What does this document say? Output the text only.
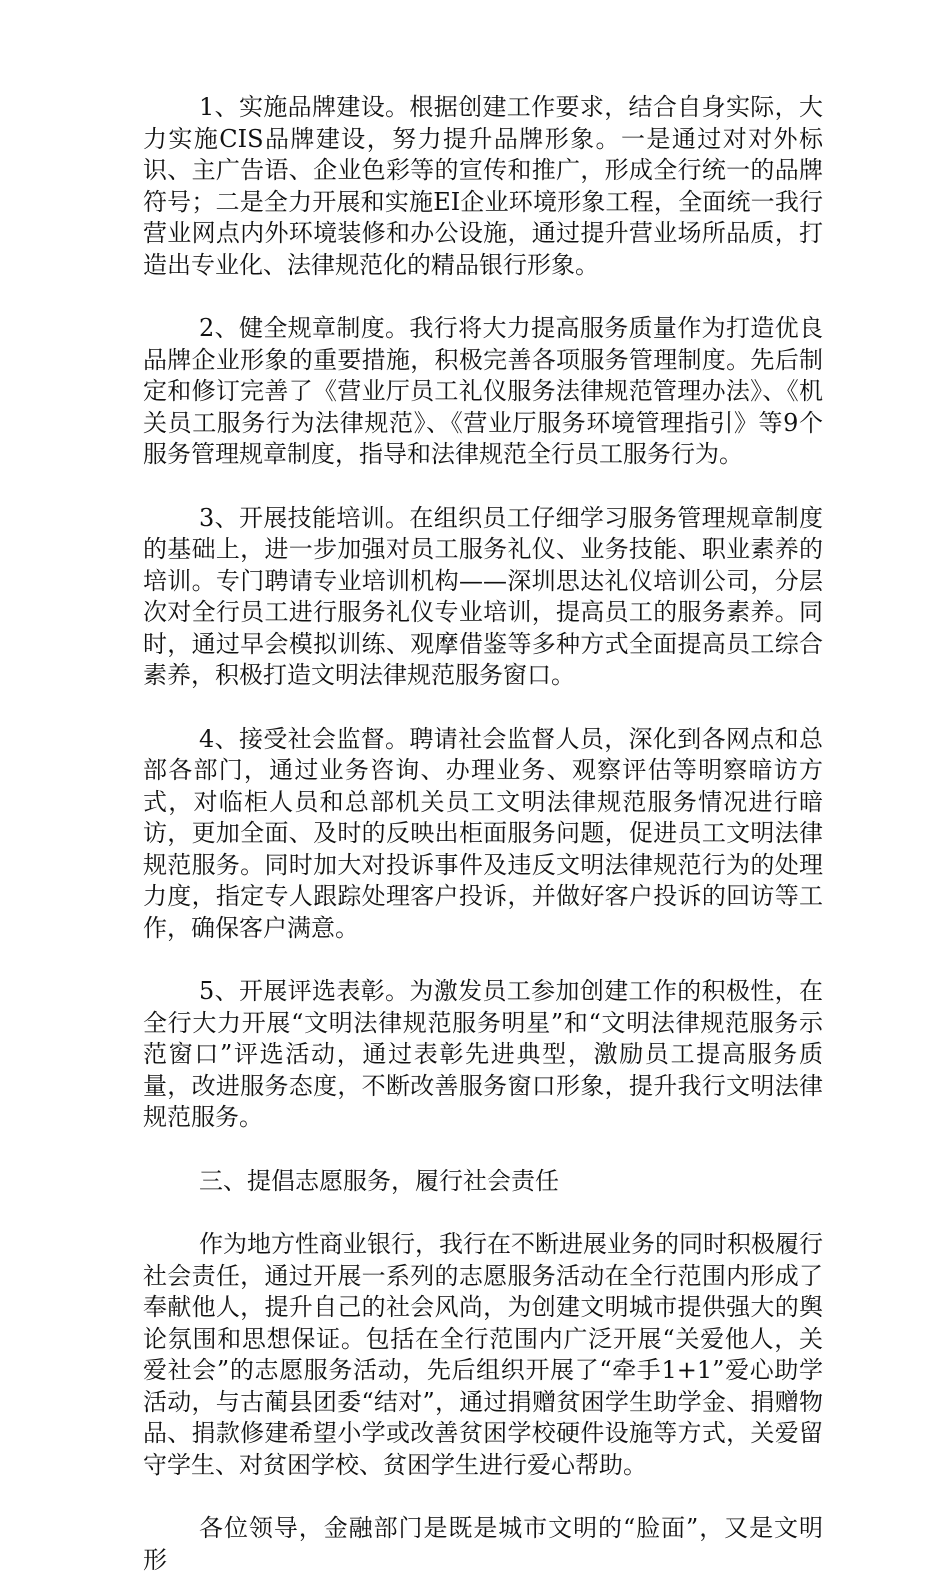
1、实施品牌建设。根据创建工作要求，结合自身实际，大力实施CIS品牌建设，努力提升品牌形象。一是通过对对外标识、主广告语、企业色彩等的宣传和推广，形成全行统一的品牌符号；二是全力开展和实施EI企业环境形象工程，全面统一我行营业网点内外环境装修和办公设施，通过提升营业场所品质，打造出专业化、法律规范化的精品银行形象。

2、健全规章制度。我行将大力提高服务质量作为打造优良品牌企业形象的重要措施，积极完善各项服务管理制度。先后制定和修订完善了《营业厅员工礼仪服务法律规范管理办法》、《机关员工服务行为法律规范》、《营业厅服务环境管理指引》等9个服务管理规章制度，指导和法律规范全行员工服务行为。

3、开展技能培训。在组织员工仔细学习服务管理规章制度的基础上，进一步加强对员工服务礼仪、业务技能、职业素养的培训。专门聘请专业培训机构——深圳思达礼仪培训公司，分层次对全行员工进行服务礼仪专业培训，提高员工的服务素养。同时，通过早会模拟训练、观摩借鉴等多种方式全面提高员工综合素养，积极打造文明法律规范服务窗口。

4、接受社会监督。聘请社会监督人员，深化到各网点和总部各部门，通过业务咨询、办理业务、观察评估等明察暗访方式，对临柜人员和总部机关员工文明法律规范服务情况进行暗访，更加全面、及时的反映出柜面服务问题，促进员工文明法律规范服务。同时加大对投诉事件及违反文明法律规范行为的处理力度，指定专人跟踪处理客户投诉，并做好客户投诉的回访等工作，确保客户满意。

5、开展评选表彰。为激发员工参加创建工作的积极性，在全行大力开展“文明法律规范服务明星”和“文明法律规范服务示范窗口”评选活动，通过表彰先进典型，激励员工提高服务质量，改进服务态度，不断改善服务窗口形象，提升我行文明法律规范服务。

三、提倡志愿服务，履行社会责任

作为地方性商业银行，我行在不断进展业务的同时积极履行社会责任，通过开展一系列的志愿服务活动在全行范围内形成了奉献他人，提升自己的社会风尚，为创建文明城市提供强大的舆论氛围和思想保证。包括在全行范围内广泛开展“关爱他人，关爱社会”的志愿服务活动，先后组织开展了“牵手1+1”爱心助学活动，与古蔺县团委“结对”，通过捐赠贫困学生助学金、捐赠物品、捐款修建希望小学或改善贫困学校硬件设施等方式，关爱留守学生、对贫困学校、贫困学生进行爱心帮助。

各位领导，金融部门是既是城市文明的“脸面”，又是文明形
